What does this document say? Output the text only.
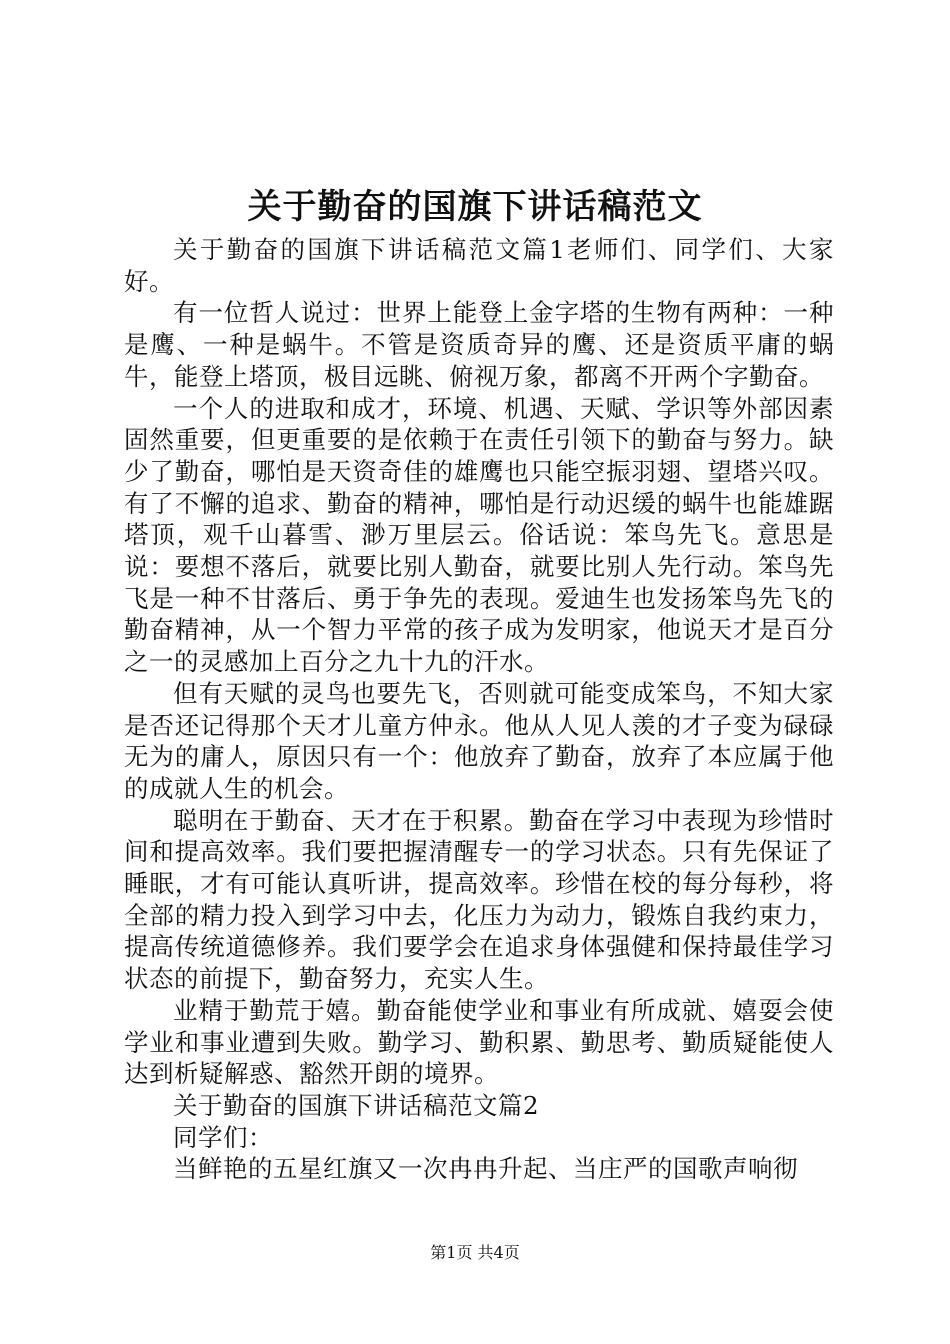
关于勤奋的国旗下讲话稿范文

关于勤奋的国旗下讲话稿范文篇1老师们、同学们、大家好。

有一位哲人说过：世界上能登上金字塔的生物有两种：一种是鹰、一种是蜗牛。不管是资质奇异的鹰、还是资质平庸的蜗牛，能登上塔顶，极目远眺、俯视万象，都离不开两个字勤奋。

一个人的进取和成才，环境、机遇、天赋、学识等外部因素固然重要，但更重要的是依赖于在责任引领下的勤奋与努力。缺少了勤奋，哪怕是天资奇佳的雄鹰也只能空振羽翅、望塔兴叹。有了不懈的追求、勤奋的精神，哪怕是行动迟缓的蜗牛也能雄踞塔顶，观千山暮雪、渺万里层云。俗话说：笨鸟先飞。意思是说：要想不落后，就要比别人勤奋，就要比别人先行动。笨鸟先飞是一种不甘落后、勇于争先的表现。爱迪生也发扬笨鸟先飞的勤奋精神，从一个智力平常的孩子成为发明家，他说天才是百分之一的灵感加上百分之九十九的汗水。

但有天赋的灵鸟也要先飞，否则就可能变成笨鸟，不知大家是否还记得那个天才儿童方仲永。他从人见人羡的才子变为碌碌无为的庸人，原因只有一个：他放弃了勤奋，放弃了本应属于他的成就人生的机会。

聪明在于勤奋、天才在于积累。勤奋在学习中表现为珍惜时间和提高效率。我们要把握清醒专一的学习状态。只有先保证了睡眠，才有可能认真听讲，提高效率。珍惜在校的每分每秒，将全部的精力投入到学习中去，化压力为动力，锻炼自我约束力，提高传统道德修养。我们要学会在追求身体强健和保持最佳学习状态的前提下，勤奋努力，充实人生。

业精于勤荒于嬉。勤奋能使学业和事业有所成就、嬉耍会使学业和事业遭到失败。勤学习、勤积累、勤思考、勤质疑能使人达到析疑解惑、豁然开朗的境界。

关于勤奋的国旗下讲话稿范文篇2

同学们：

当鲜艳的五星红旗又一次冉冉升起、当庄严的国歌声响彻

第1页 共4页
